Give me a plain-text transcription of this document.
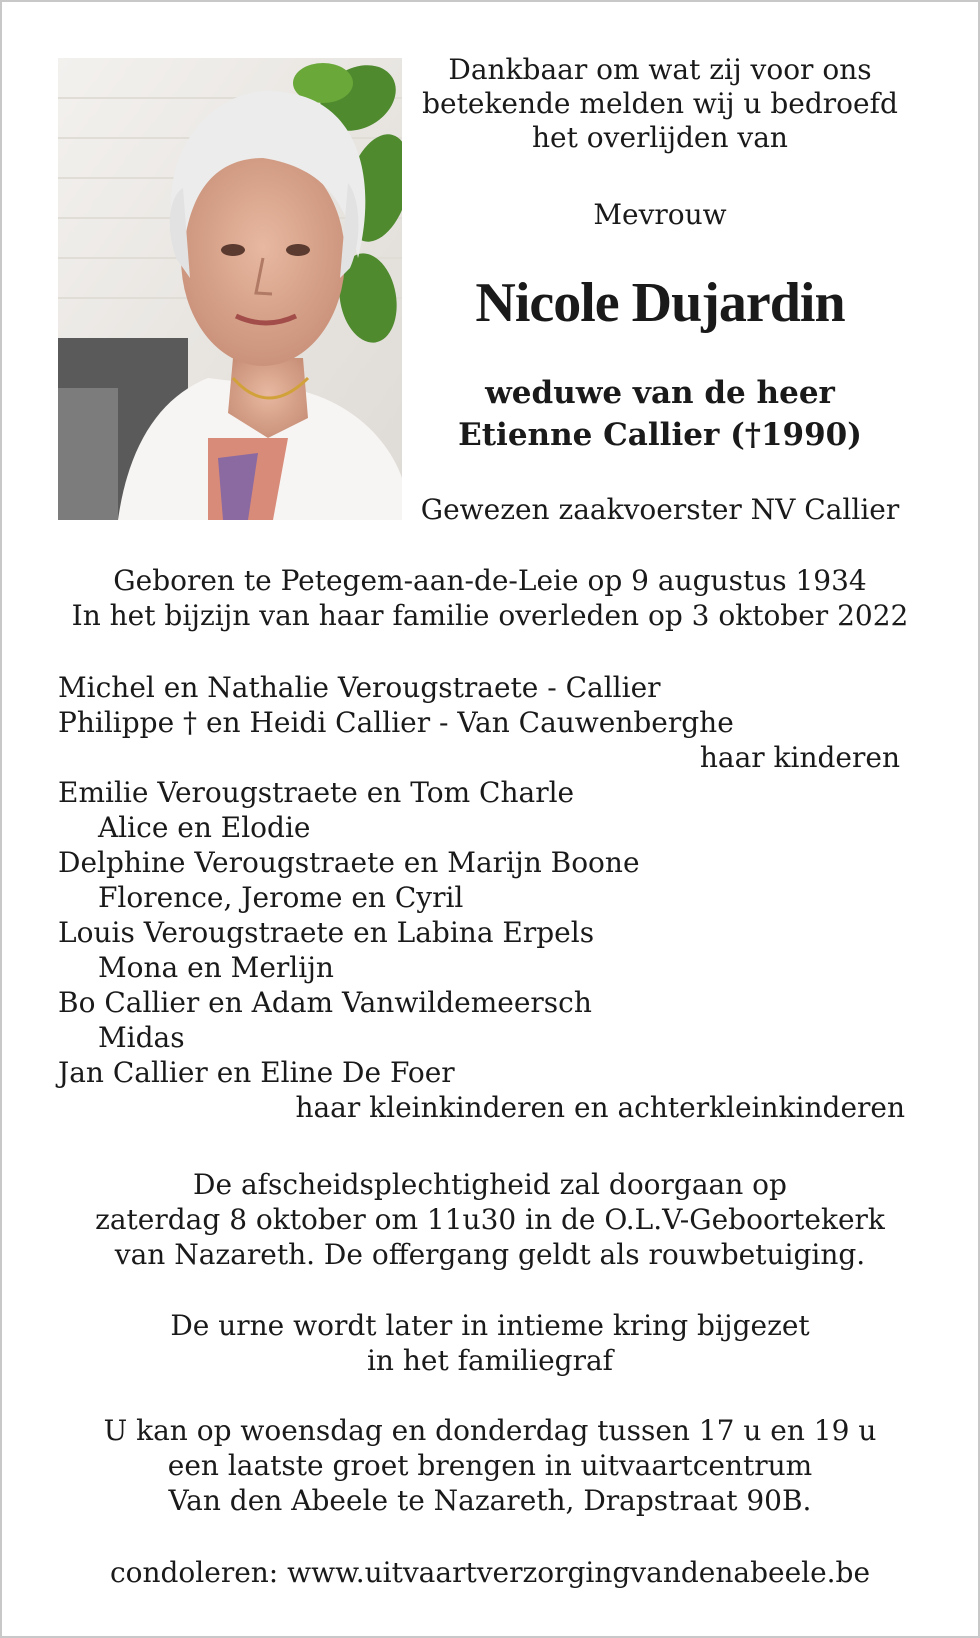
Dankbaar om wat zij voor ons

betekende melden wij u bedroefd

het overlijden van

Mevrouw

Nicole Dujardin

weduwe van de heer

Etienne Callier (†1990)

Gewezen zaakvoerster NV Callier

Geboren te Petegem-aan-de-Leie op 9 augustus 1934

In het bijzijn van haar familie overleden op 3 oktober 2022

Michel en Nathalie Verougstraete - Callier

Philippe † en Heidi Callier - Van Cauwenberghe

haar kinderen

Emilie Verougstraete en Tom Charle

Alice en Elodie

Delphine Verougstraete en Marijn Boone

Florence, Jerome en Cyril

Louis Verougstraete en Labina Erpels

Mona en Merlijn

Bo Callier en Adam Vanwildemeersch

Midas

Jan Callier en Eline De Foer

haar kleinkinderen en achterkleinkinderen

De afscheidsplechtigheid zal doorgaan op

zaterdag 8 oktober om 11u30 in de O.L.V-Geboortekerk

van Nazareth. De offergang geldt als rouwbetuiging.

De urne wordt later in intieme kring bijgezet

in het familiegraf

U kan op woensdag en donderdag tussen 17 u en 19 u

een laatste groet brengen in uitvaartcentrum

Van den Abeele te Nazareth, Drapstraat 90B.

condoleren: www.uitvaartverzorgingvandenabeele.be
